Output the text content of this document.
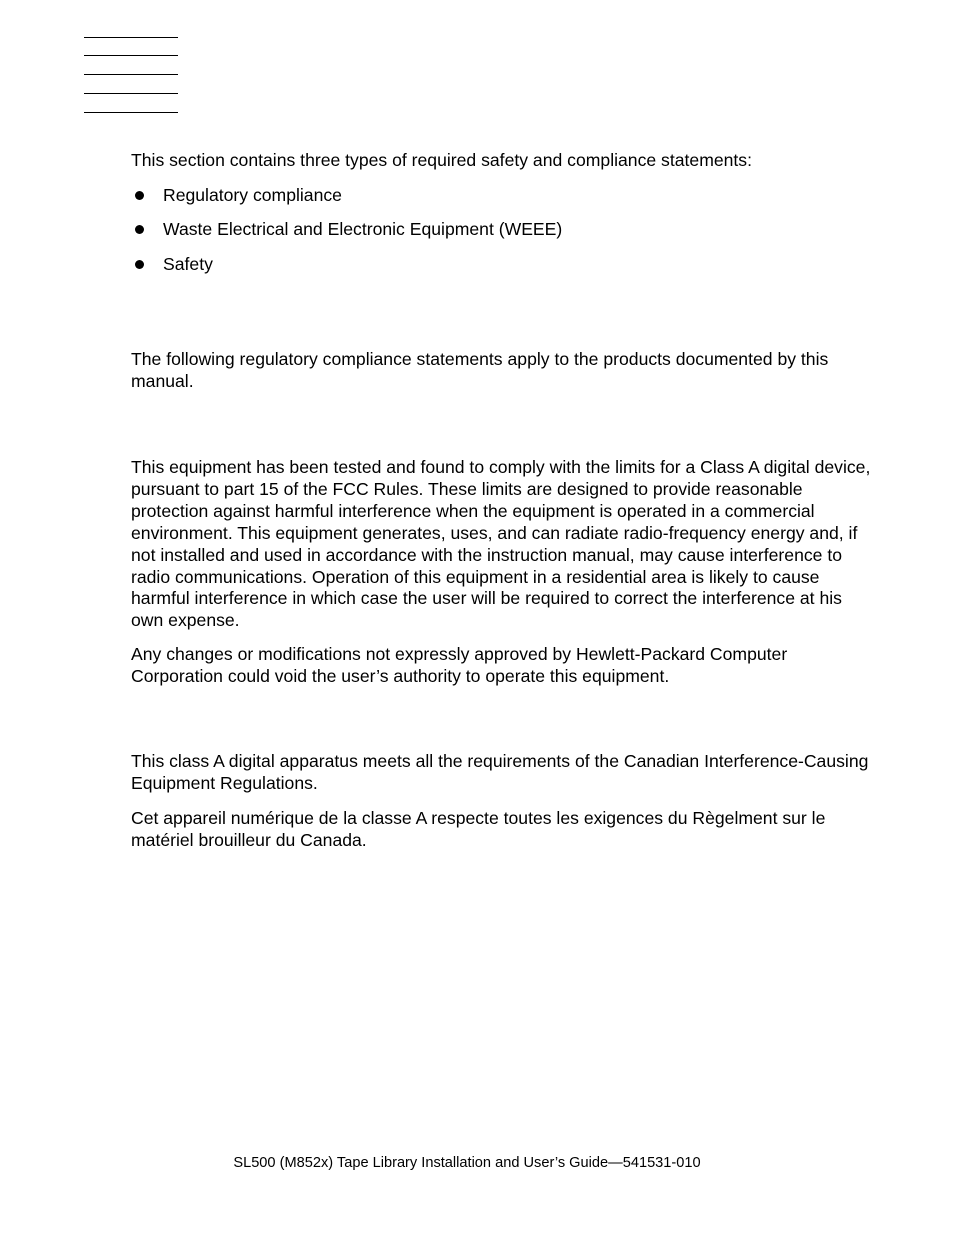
This section contains three types of required safety and compliance statements:

Regulatory compliance
Waste Electrical and Electronic Equipment (WEEE)
Safety

The following regulatory compliance statements apply to the products documented by this manual.

This equipment has been tested and found to comply with the limits for a Class A digital device, pursuant to part 15 of the FCC Rules. These limits are designed to provide reasonable protection against harmful interference when the equipment is operated in a commercial environment. This equipment generates, uses, and can radiate radio-frequency energy and, if not installed and used in accordance with the instruction manual, may cause interference to radio communications. Operation of this equipment in a residential area is likely to cause harmful interference in which case the user will be required to correct the interference at his own expense.

Any changes or modifications not expressly approved by Hewlett-Packard Computer Corporation could void the user’s authority to operate this equipment.

This class A digital apparatus meets all the requirements of the Canadian Interference-Causing Equipment Regulations.

Cet appareil numérique de la classe A respecte toutes les exigences du Règelment sur le matériel brouilleur du Canada.

SL500 (M852x) Tape Library Installation and User’s Guide—541531-010
